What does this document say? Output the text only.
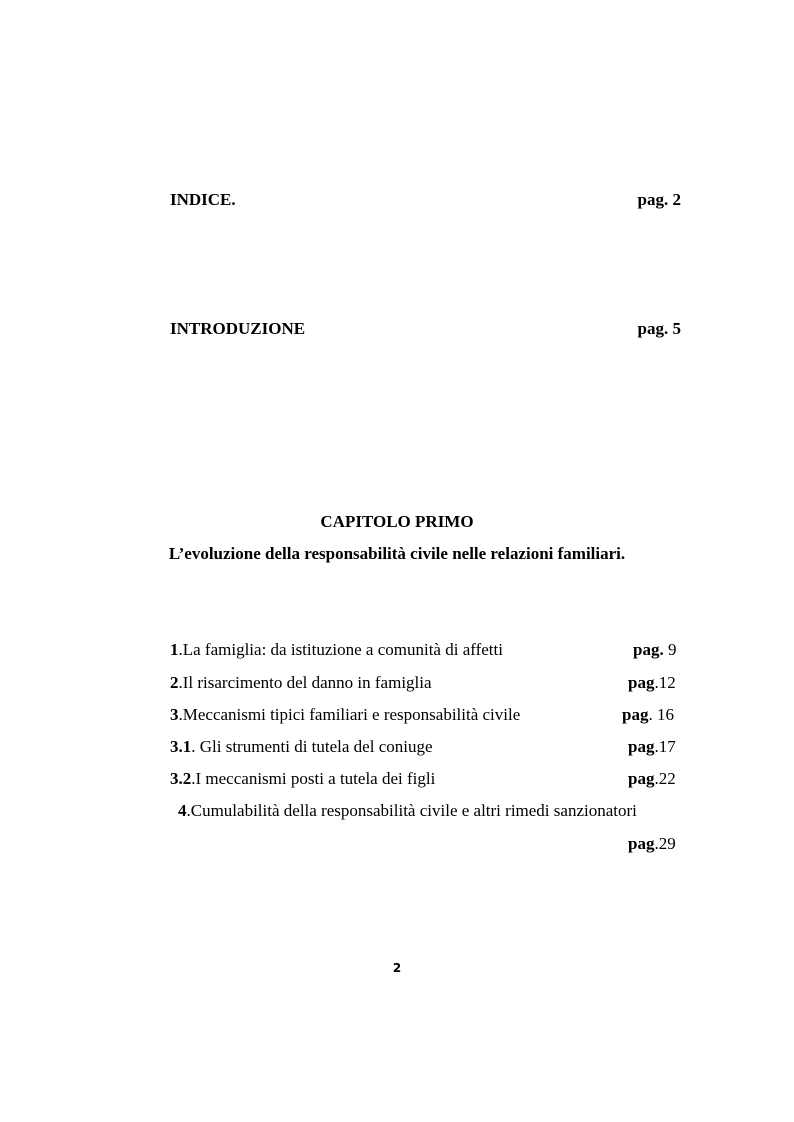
INDICE.	pag. 2
INTRODUZIONE	pag. 5
CAPITOLO PRIMO
L’evoluzione della responsabilità civile nelle relazioni familiari.
1.La famiglia: da istituzione a comunità di affetti	pag. 9
2.Il risarcimento del danno in famiglia	pag.12
3.Meccanismi tipici familiari e responsabilità civile	pag. 16
3.1. Gli strumenti di tutela del coniuge	pag.17
3.2.I meccanismi posti a tutela dei figli	pag.22
4.Cumulabilità della responsabilità civile e altri rimedi sanzionatori
pag.29
2
